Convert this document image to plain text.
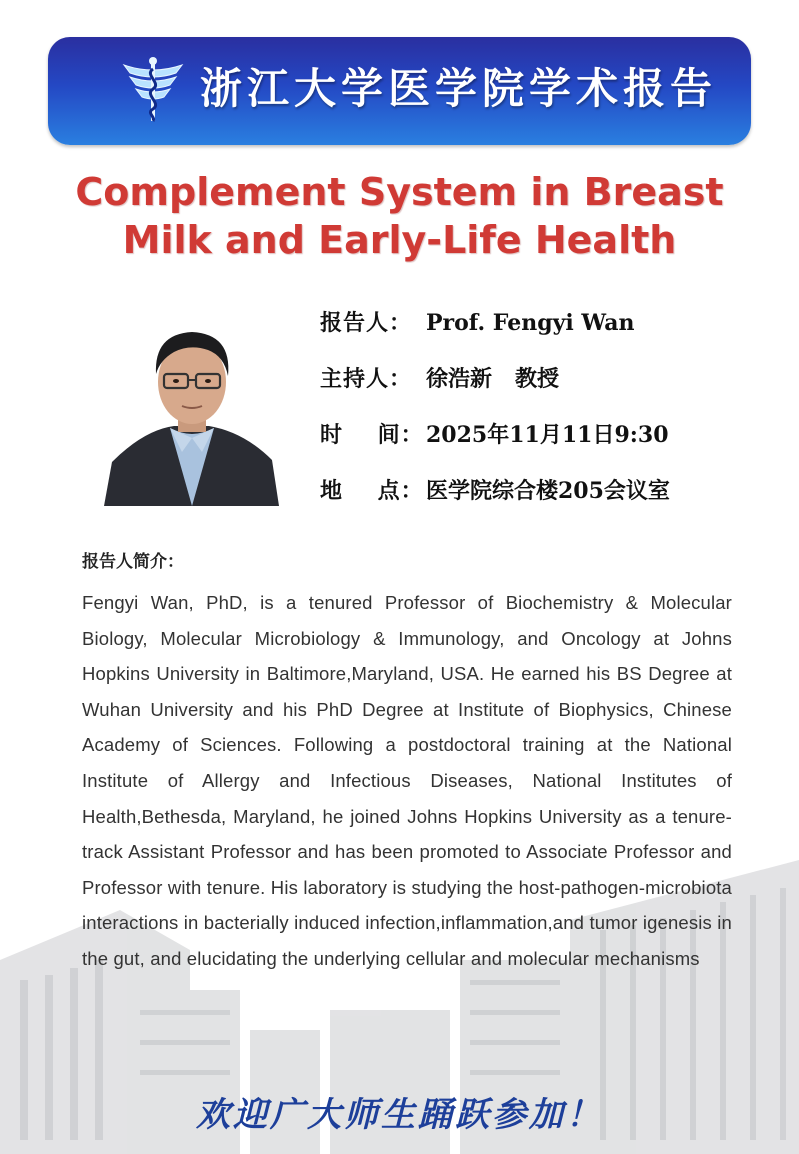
浙江大学医学院学术报告
Complement System in Breast
Milk and Early-Life Health
报告人： Prof. Fengyi Wan
主持人： 徐浩新   教授
时    间： 2025年11月11日9:30
地    点： 医学院综合楼205会议室
报告人简介：
Fengyi Wan, PhD, is a tenured Professor of Biochemistry & Molecular Biology, Molecular Microbiology & Immunology, and Oncology at Johns Hopkins University in Baltimore,Maryland, USA. He earned his BS Degree at Wuhan University and his PhD Degree at Institute of Biophysics, Chinese Academy of Sciences. Following a postdoctoral training at the National Institute of Allergy and Infectious Diseases, National Institutes of Health,Bethesda, Maryland, he joined Johns Hopkins University as a tenure-track Assistant Professor and has been promoted to Associate Professor and Professor with tenure. His laboratory is studying the host-pathogen-microbiota interactions in bacterially induced infection,inflammation,and tumor igenesis in the gut, and elucidating the underlying cellular and molecular mechanisms
欢迎广大师生踊跃参加！
